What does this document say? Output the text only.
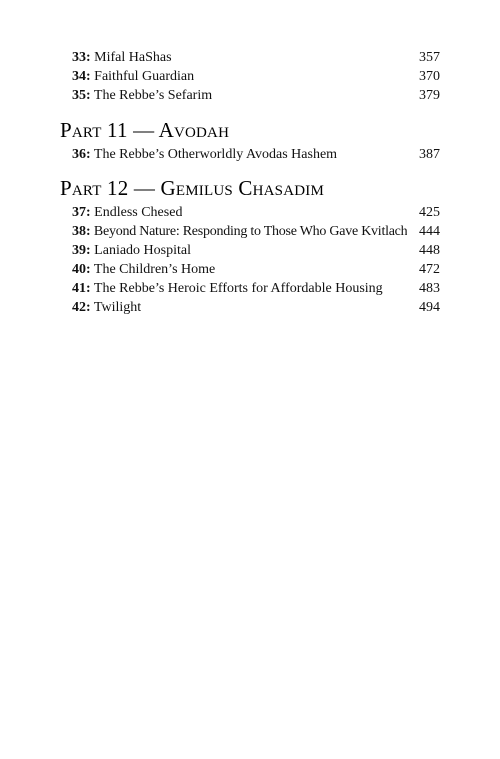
33: Mifal HaShas	357
34: Faithful Guardian	370
35: The Rebbe’s Sefarim	379
Part 11 — Avodah
36: The Rebbe’s Otherworldly Avodas Hashem	387
Part 12 — Gemilus Chasadim
37: Endless Chesed	425
38: Beyond Nature: Responding to Those Who Gave Kvitlach 444
39: Laniado Hospital	448
40: The Children’s Home	472
41: The Rebbe’s Heroic Efforts for Affordable Housing	483
42: Twilight	494
